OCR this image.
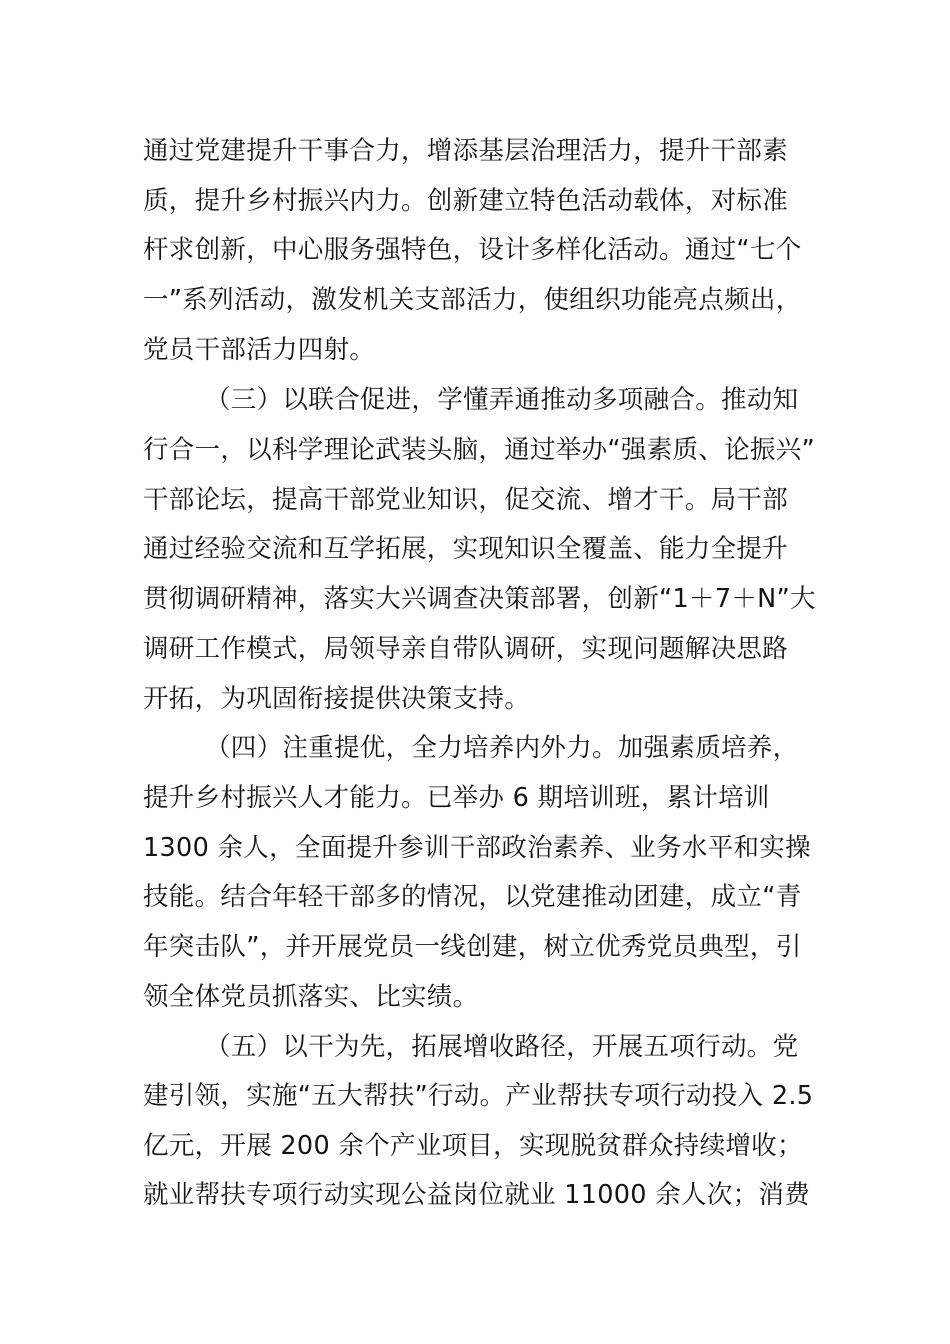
通过党建提升干事合力，增添基层治理活力，提升干部素
质，提升乡村振兴内力。创新建立特色活动载体，对标准
杆求创新，中心服务强特色，设计多样化活动。通过“七个
一”系列活动，激发机关支部活力，使组织功能亮点频出，
党员干部活力四射。
（三）以联合促进，学懂弄通推动多项融合。推动知
行合一，以科学理论武装头脑，通过举办“强素质、论振兴”
干部论坛，提高干部党业知识，促交流、增才干。局干部
通过经验交流和互学拓展，实现知识全覆盖、能力全提升
贯彻调研精神，落实大兴调查决策部署，创新“1＋7＋N”大
调研工作模式，局领导亲自带队调研，实现问题解决思路
开拓，为巩固衔接提供决策支持。
（四）注重提优，全力培养内外力。加强素质培养，
提升乡村振兴人才能力。已举办 6 期培训班，累计培训
1300 余人，全面提升参训干部政治素养、业务水平和实操
技能。结合年轻干部多的情况，以党建推动团建，成立“青
年突击队”，并开展党员一线创建，树立优秀党员典型，引
领全体党员抓落实、比实绩。
（五）以干为先，拓展增收路径，开展五项行动。党
建引领，实施“五大帮扶”行动。产业帮扶专项行动投入 2.5
亿元，开展 200 余个产业项目，实现脱贫群众持续增收；
就业帮扶专项行动实现公益岗位就业 11000 余人次；消费
